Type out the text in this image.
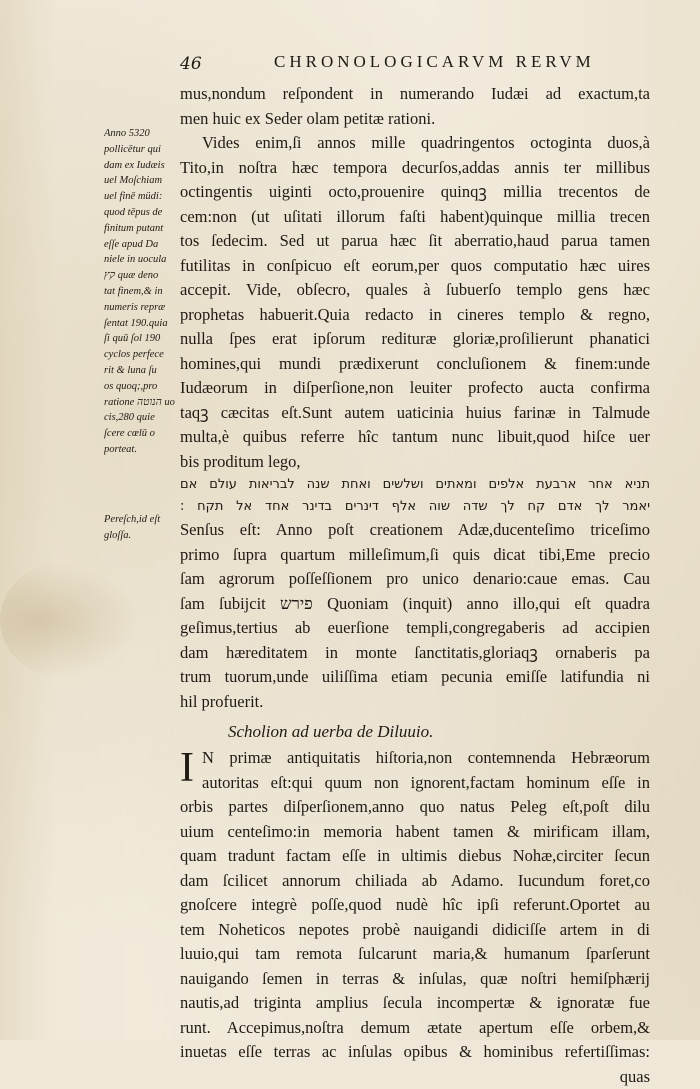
46	CHRONOLOGICARVM RERVM
Anno 5320
pollicētur qui
dam ex Iudæis
uel Moſchiam
uel finē müdi:
quod tēpus de
finitum putant
eſſe apud Da
niele in uocula
קץ quæ deno
tat finem,& in
numeris repræ
ſentat 190.quia
ſi quū ſol 190
cyclos perfece
rit & luna ſu
os quoq;,pro
ratione הנוטה uo
cis,280 quie
ſcere cœlū o
porteat.
Pereſch,id eſt
gloſſa.
mus,nondum reſpondent in numerando Iudæi ad exactum,ta
men huic ex Seder olam petitæ rationi.
Vides enim,ſi annos mille quadringentos octoginta duos,à
Tito,in noſtra hæc tempora decurſos,addas annis ter millibus
octingentis uiginti octo,prouenire quinqꝫ millia trecentos de
cem:non (ut uſitati illorum faſti habent)quinque millia trecen
tos ſedecim. Sed ut parua hæc ſit aberratio,haud parua tamen
futilitas in conſpicuo eſt eorum,per quos computatio hæc uires
accepit. Vide, obſecro, quales à ſubuerſo templo gens hæc
prophetas habuerit.Quia redacto in cineres templo & regno,
nulla ſpes erat ipſorum redituræ gloriæ,proſilierunt phanatici
homines,qui mundi prædixerunt concluſionem & finem:unde
Iudæorum in diſperſione,non leuiter profecto aucta confirma
taqꝫ cæcitas eſt.Sunt autem uaticinia huius farinæ in Talmude
multa,è quibus referre hîc tantum nunc libuit,quod hiſce uer
bis proditum lego,
תניא אחר ארבעת אלפים ומאתים ושלשים ואחת שנה לבריאות עולם אם
יאמר לך אדם קח לך שדה שוה אלף דינרים בדינר אחד אל תקח :
Senſus eſt: Anno poſt creationem Adæ,ducenteſimo triceſimo
primo ſupra quartum milleſimum,ſi quis dicat tibi,Eme precio
ſam agrorum poſſeſſionem pro unico denario:caue emas. Cau
ſam ſubijcit פירש Quoniam (inquit) anno illo,qui eſt quadra
geſimus,tertius ab euerſione templi,congregaberis ad accipien
dam hæreditatem in monte ſanctitatis,gloriaqꝫ ornaberis pa
trum tuorum,unde uiliſſima etiam pecunia emiſſe latifundia ni
hil profuerit.
Scholion ad uerba de Diluuio.
I N primæ antiquitatis hiſtoria,non contemnenda Hebræorum
autoritas eſt:qui quum non ignorent,factam hominum eſſe in
orbis partes diſperſionem,anno quo natus Peleg eſt,poſt dilu
uium centeſimo:in memoria habent tamen & mirificam illam,
quam tradunt factam eſſe in ultimis diebus Nohæ,circiter ſecun
dam ſcilicet annorum chiliada ab Adamo. Iucundum foret,co
gnoſcere integrè poſſe,quod nudè hîc ipſi referunt.Oportet au
tem Noheticos nepotes probè nauigandi didiciſſe artem in di
luuio,qui tam remota ſulcarunt maria,& humanum ſparſerunt
nauigando ſemen in terras & inſulas, quæ noſtri hemiſphærij
nautis,ad triginta amplius ſecula incompertæ & ignoratæ fue
runt. Accepimus,noſtra demum ætate apertum eſſe orbem,&
inuetas eſſe terras ac inſulas opibus & hominibus refertiſſimas:
quas
